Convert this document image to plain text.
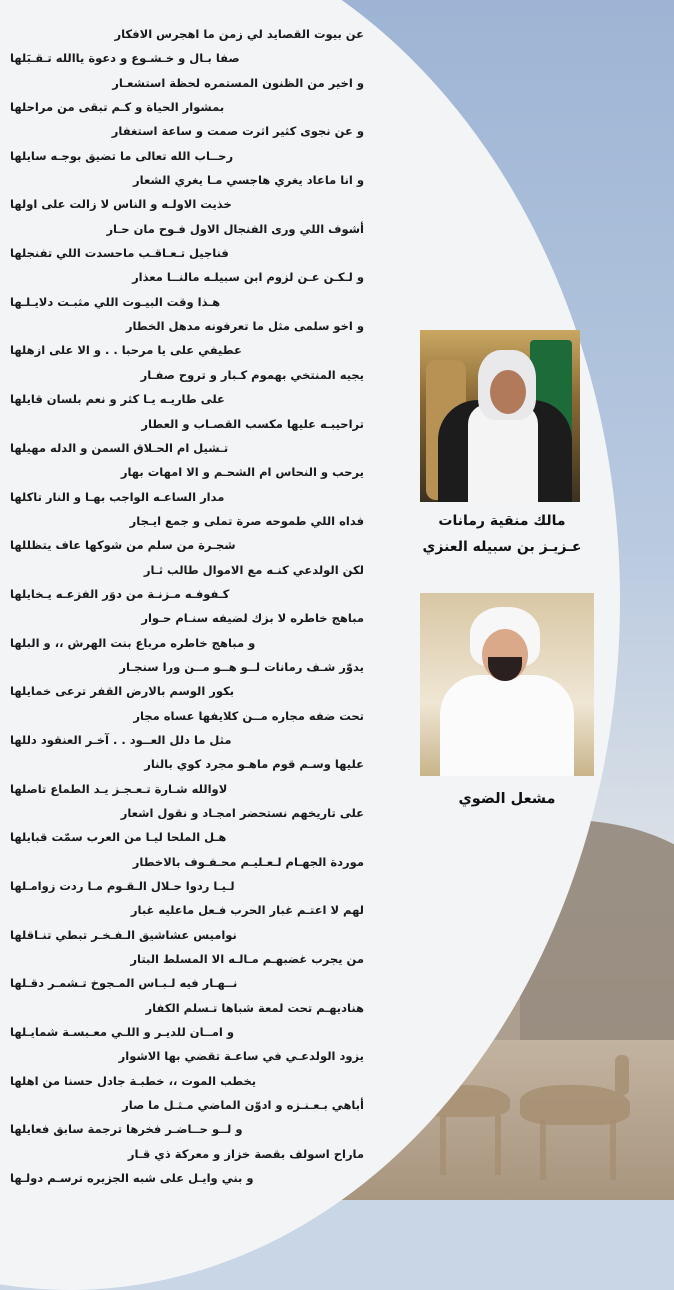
عن بيوت القصايد لي زمن ما اهجرس الافكار
صفا بـال و خـشـوع و دعوة ياالله تـقـبَلها
و اخير من الظنون المستمره لحظة استشعـار
بمشوار الحياة و كـم تبقى من مراحلها
و عن نجوى كثير اثرت صمت و ساعة استغفار
رحــاب الله تعالى ما تضيق بوجـه سايلها
و انا ماعاد يغري هاجسي مـا يغري الشعار
خذيت الاولـه و الناس لا زالت على اولها
أشوف اللي ورى الفنجال الاول فـوح مان حـار
فناجيل تـعـاقـب ماحسدت اللي تفنجلها
و لـكـن عـن لزوم ابن سبيلـه مالنــا معذار
هـذا وقت البيـوت اللي مثبـت دلايـلـها
و اخو سلمى مثل ما تعرفونه مدهل الخطار
عطيفي على يا مرحبا . . و الا على ازهلها
يجيه المنتخي بهموم كـبار و تروح صفـار
على طاريـه يـا كثر و نعم بلسان قايلها
تراحيبـه عليها مكسب القصـاب و العطار
تـشيل ام الحـلاق السمن و الدله مهيلها
يرحب و النحاس ام الشحـم و الا امهات بهار
مدار الساعـه الواجب بهـا و النار تاكلها
فداه اللي طموحه صرة تملى و جمع ايـجار
شجـرة من سلم من شوكها عاف يتظللها
لكن الولدعي كنـه مع الاموال طالب ثـار
كـفوفـه مـزنـة من دوَر الفزعـه يـخايلها
مباهج خاطره لا بزك لضيفه سنـام حـوار
و مباهج خاطره مرباع بنت الهرش ،، و البلها
يدوّر شـف رمانات لــو هــو مــن ورا سنجـار
بكور الوسم بالارض القفر ترعى خمايلها
تحت ضفه مجاره مــن كلايفها عساه مجار
مثل ما دلل العــود . . آخـر العنقود دللها
عليها وسـم قوم ماهـو مجرد كوي بالنار
لاوالله شـارة تـعـجـز يـد الطماع تاصلها
على تاريخهم نستحضر امجـاد و نقول اشعار
هـل الملحا ليـا من العرب سمّت قبايلها
موردة الجهـام لـعـليـم محـفـوف بالاخطار
لـيـا ردوا حـلال الـقـوم مـا ردت زوامـلها
لهم لا اعتـم غبار الحرب فـعل ماعليه غبار
نواميس عشاشيق الـفـخـر تبطي تنـاقلها
من يجرب غضبهـم مـالـه الا المسلط البتار
نــهـار فيه لـبـاس المـجوخ تـشمـر دقـلها
هناديهـم تحت لمعة شباها تـسلم الكفار
و امــان للديـر و اللـي معـبسـة شمايـلها
يزود الولدعـي في ساعـة تقضي بها الاشوار
يخطب الموت ،، خطبـة جادل حسنا من اهلها
أباهي بـعـنـزه و ادوّن الماضي مـثـل ما صار
و لــو حــاضـر فخرها ترجمة سابق فعايلها
ماراح اسولف بقصة خزاز و معركة ذي قـار
و بني وايـل على شبه الجزيره ترسـم دولـها
مالك منقية رمانات
عـزيـز بن سبيله العنزي
مشعل الضوي
